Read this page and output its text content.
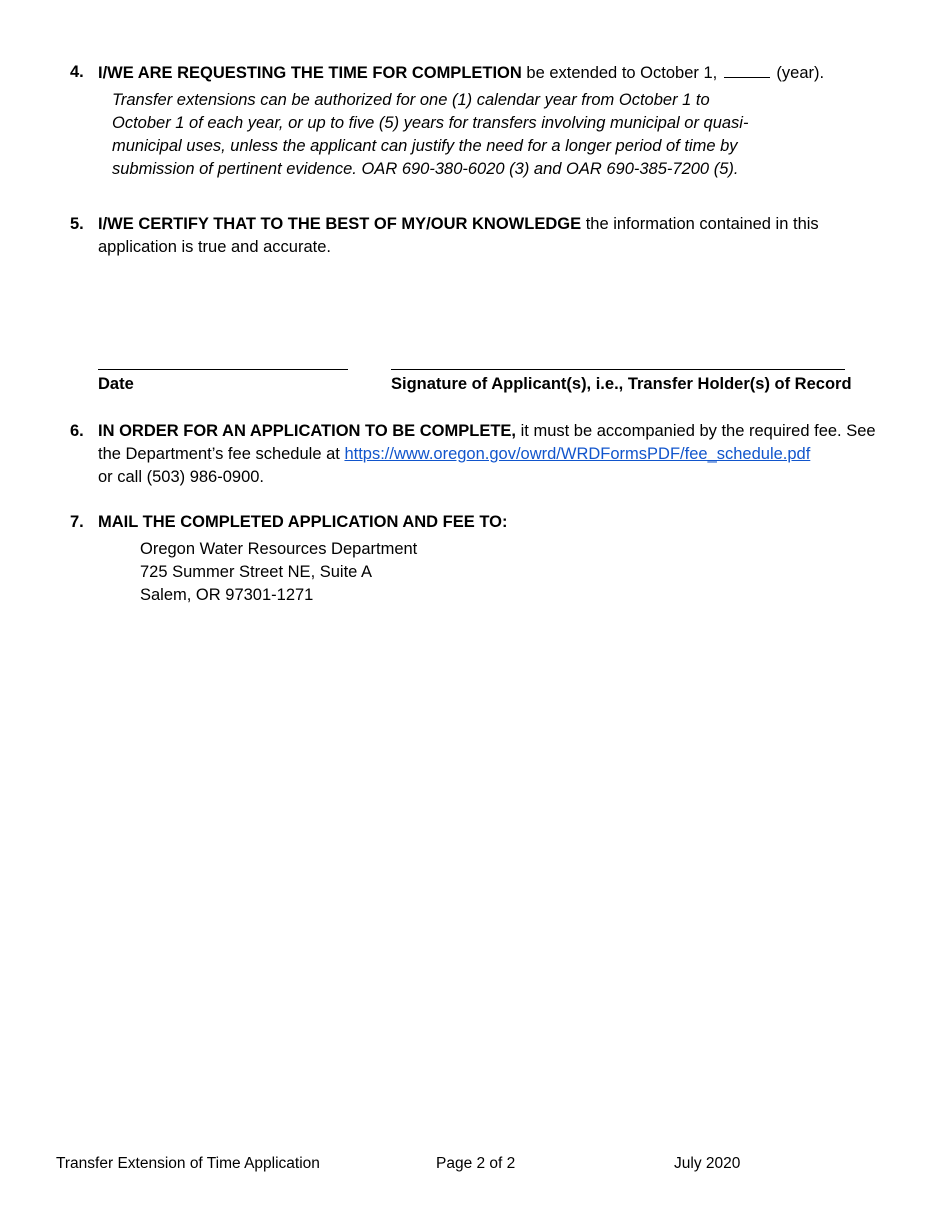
4. I/WE ARE REQUESTING THE TIME FOR COMPLETION be extended to October 1,	(year).
Transfer extensions can be authorized for one (1) calendar year from October 1 to October 1 of each year, or up to five (5) years for transfers involving municipal or quasi-municipal uses, unless the applicant can justify the need for a longer period of time by submission of pertinent evidence. OAR 690-380-6020 (3) and OAR 690-385-7200 (5).
5. I/WE CERTIFY THAT TO THE BEST OF MY/OUR KNOWLEDGE the information contained in this application is true and accurate.
Date	Signature of Applicant(s), i.e., Transfer Holder(s) of Record
6. IN ORDER FOR AN APPLICATION TO BE COMPLETE, it must be accompanied by the required fee. See the Department’s fee schedule at https://www.oregon.gov/owrd/WRDFormsPDF/fee_schedule.pdf
or call (503) 986-0900.
7. MAIL THE COMPLETED APPLICATION AND FEE TO:
Oregon Water Resources Department
725 Summer Street NE, Suite A
Salem, OR 97301-1271
Transfer Extension of Time Application	Page 2 of 2	July 2020
